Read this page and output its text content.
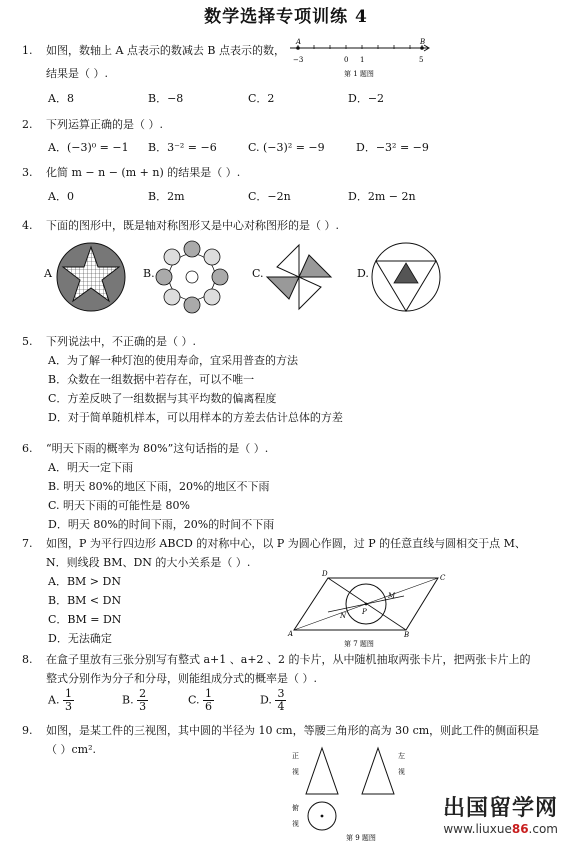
数学选择专项训练 4
1. 如图，数轴上 A 点表示的数减去 B 点表示的数，
结果是（ ）.
A	B
−3	0 1	5
第 1 题图
A．8	B．−8	C．2	D．−2
2. 下列运算正确的是（ ）.
A．(−3)⁰ = −1 B．3⁻² = −6	C. (−3)² = −9	D．−3² = −9
3. 化简 m − n − (m + n) 的结果是（ ）.
A．0	B．2m	C．−2n	D．2m − 2n
4. 下面的图形中，既是轴对称图形又是中心对称图形的是（ ）.
A	B.	C.	D.
5. 下列说法中，不正确的是（ ）.
A．为了解一种灯泡的使用寿命，宜采用普查的方法
B．众数在一组数据中若存在，可以不唯一
C．方差反映了一组数据与其平均数的偏离程度
D．对于简单随机样本，可以用样本的方差去估计总体的方差
6. “明天下雨的概率为 80%”这句话指的是（ ）.
A．明天一定下雨
B. 明天 80%的地区下雨，20%的地区不下雨
C. 明天下雨的可能性是 80%
D．明天 80%的时间下雨，20%的时间不下雨
7. 如图，P 为平行四边形 ABCD 的对称中心，以 P 为圆心作圆，过 P 的任意直线与圆相交于点 M、
N．则线段 BM、DN 的大小关系是（ ）.
A．BM > DN
B．BM < DN
C．BM = DN
D．无法确定
D	C
A	B
P
M
N
第 7 题图
8. 在盒子里放有三张分别写有整式 a+1 、a+2 、2 的卡片，从中随机抽取两张卡片，把两张卡片上的
整式分别作为分子和分母，则能组成分式的概率是（ ）.
A. $\frac{1}{3}$	B. $\frac{2}{3}$	C. $\frac{1}{6}$	D. $\frac{3}{4}$
9. 如图，是某工件的三视图，其中圆的半径为 10 cm，等腰三角形的高为 30 cm，则此工件的侧面积是
（ ）cm².	正
视
左
视
俯
视
第 9 题图
出国留学网
www.liuxue86.com
